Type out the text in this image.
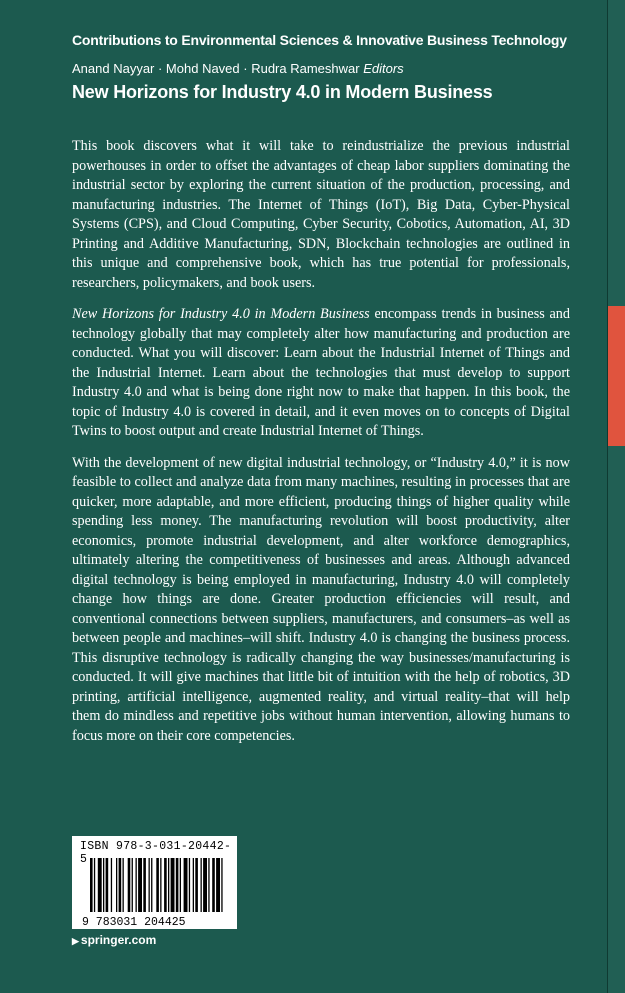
Contributions to Environmental Sciences & Innovative Business Technology
Anand Nayyar · Mohd Naved · Rudra Rameshwar Editors
New Horizons for Industry 4.0 in Modern Business

This book discovers what it will take to reindustrialize the previous industrial powerhouses in order to offset the advantages of cheap labor suppliers dominating the industrial sector by exploring the current situation of the production, processing, and manufacturing industries. The Internet of Things (IoT), Big Data, Cyber-Physical Systems (CPS), and Cloud Computing, Cyber Security, Cobotics, Automation, AI, 3D Printing and Additive Manufacturing, SDN, Blockchain technologies are outlined in this unique and comprehensive book, which has true potential for professionals, researchers, policymakers, and book users.

New Horizons for Industry 4.0 in Modern Business encompass trends in business and technology globally that may completely alter how manufacturing and production are conducted. What you will discover: Learn about the Industrial Internet of Things and the Industrial Internet. Learn about the technologies that must develop to support Industry 4.0 and what is being done right now to make that happen. In this book, the topic of Industry 4.0 is covered in detail, and it even moves on to concepts of Digital Twins to boost output and create Industrial Internet of Things.

With the development of new digital industrial technology, or “Industry 4.0,” it is now feasible to collect and analyze data from many machines, resulting in processes that are quicker, more adaptable, and more efficient, producing things of higher quality while spending less money. The manufacturing revolution will boost productivity, alter economics, promote industrial development, and alter workforce demographics, ultimately altering the competitiveness of businesses and areas. Although advanced digital technology is being employed in manufacturing, Industry 4.0 will completely change how things are done. Greater production efficiencies will result, and conventional connections between suppliers, manufacturers, and consumers–as well as between people and machines–will shift. Industry 4.0 is changing the business process. This disruptive technology is radically changing the way businesses/manufacturing is conducted. It will give machines that little bit of intuition with the help of robotics, 3D printing, artificial intelligence, augmented reality, and virtual reality–that will help them do mindless and repetitive jobs without human intervention, allowing humans to focus more on their core competencies.

ISBN 978-3-031-20442-5
9 783031 204425
▶ springer.com
